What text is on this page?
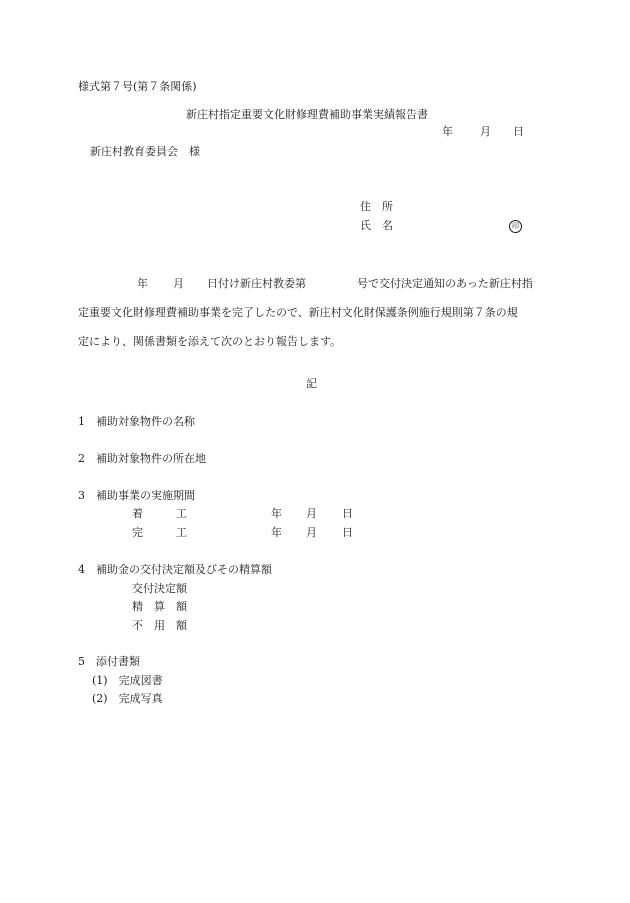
様式第７号(第７条関係)
新庄村指定重要文化財修理費補助事業実績報告書
年 月 日
新庄村教育委員会　様
住　所
氏　名	印
年 月 日付け新庄村教委第	号で交付決定通知のあった新庄村指
定重要文化財修理費補助事業を完了したので、新庄村文化財保護条例施行規則第７条の規
定により、関係書類を添えて次のとおり報告します。
記
1　補助対象物件の名称
2　補助対象物件の所在地
3　補助事業の実施期間
着　　　工	年 月 日
完　　　工	年 月 日
4　補助金の交付決定額及びその精算額
交付決定額
精　算　額
不　用　額
5　添付書類
(1)　完成図書
(2)　完成写真
